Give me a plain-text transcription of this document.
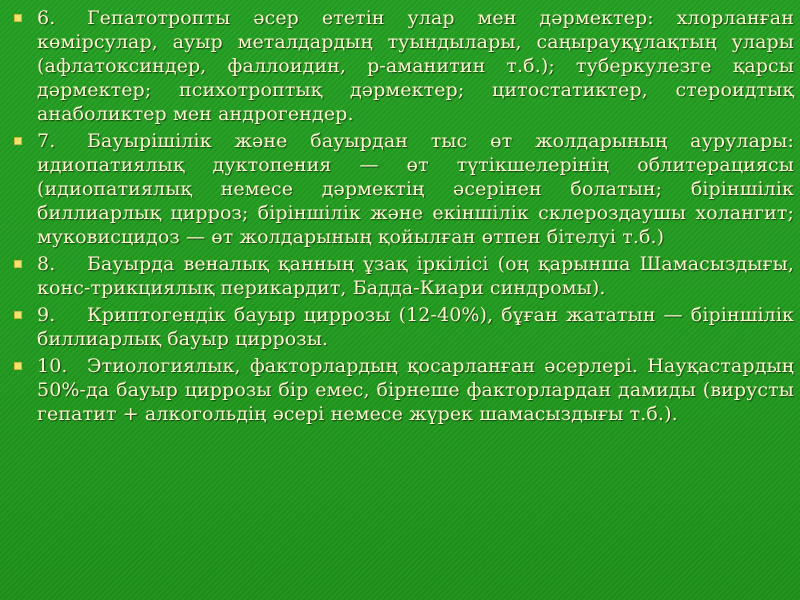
6. Гепатотропты әсер ететін улар мен дәрмектер: хлорланған көмірсулар, ауыр металдардың туындылары, саңырауқұлақтың улары (афлатоксиндер, фаллоидин, р-аманитин т.б.); туберкулезге қарсы дәрмектер; психотроптық дәрмектер; цитостатиктер, стероидтық анаболиктер мен андрогендер.
7. Бауырішілік және бауырдан тыс өт жолдарының аурулары: идиопатиялық дуктопения — өт түтікшелерінің облитерациясы (идиопатиялық немесе дәрмектің әсерінен болатын; біріншілік биллиарлық цирроз; біріншілік және екіншілік склероздаушы холангит; муковисцидоз — өт жолдарының қойылған өтпен бітелуі т.б.)
8. Бауырда веналық қанның ұзақ іркілісі (оң қарынша Шамасыздығы, конс-трикциялық перикардит, Бадда-Киари синдромы).
9. Криптогендік бауыр циррозы (12-40%), бұған жататын — біріншілік биллиарлық бауыр циррозы.
10. Этиологиялык, факторлардың қосарланған әсерлері. Науқастардың 50%-да бауыр циррозы бір емес, бірнеше факторлардан дамиды (вирусты гепатит + алкогольдің әсері немесе жүрек шамасыздығы т.б.).
